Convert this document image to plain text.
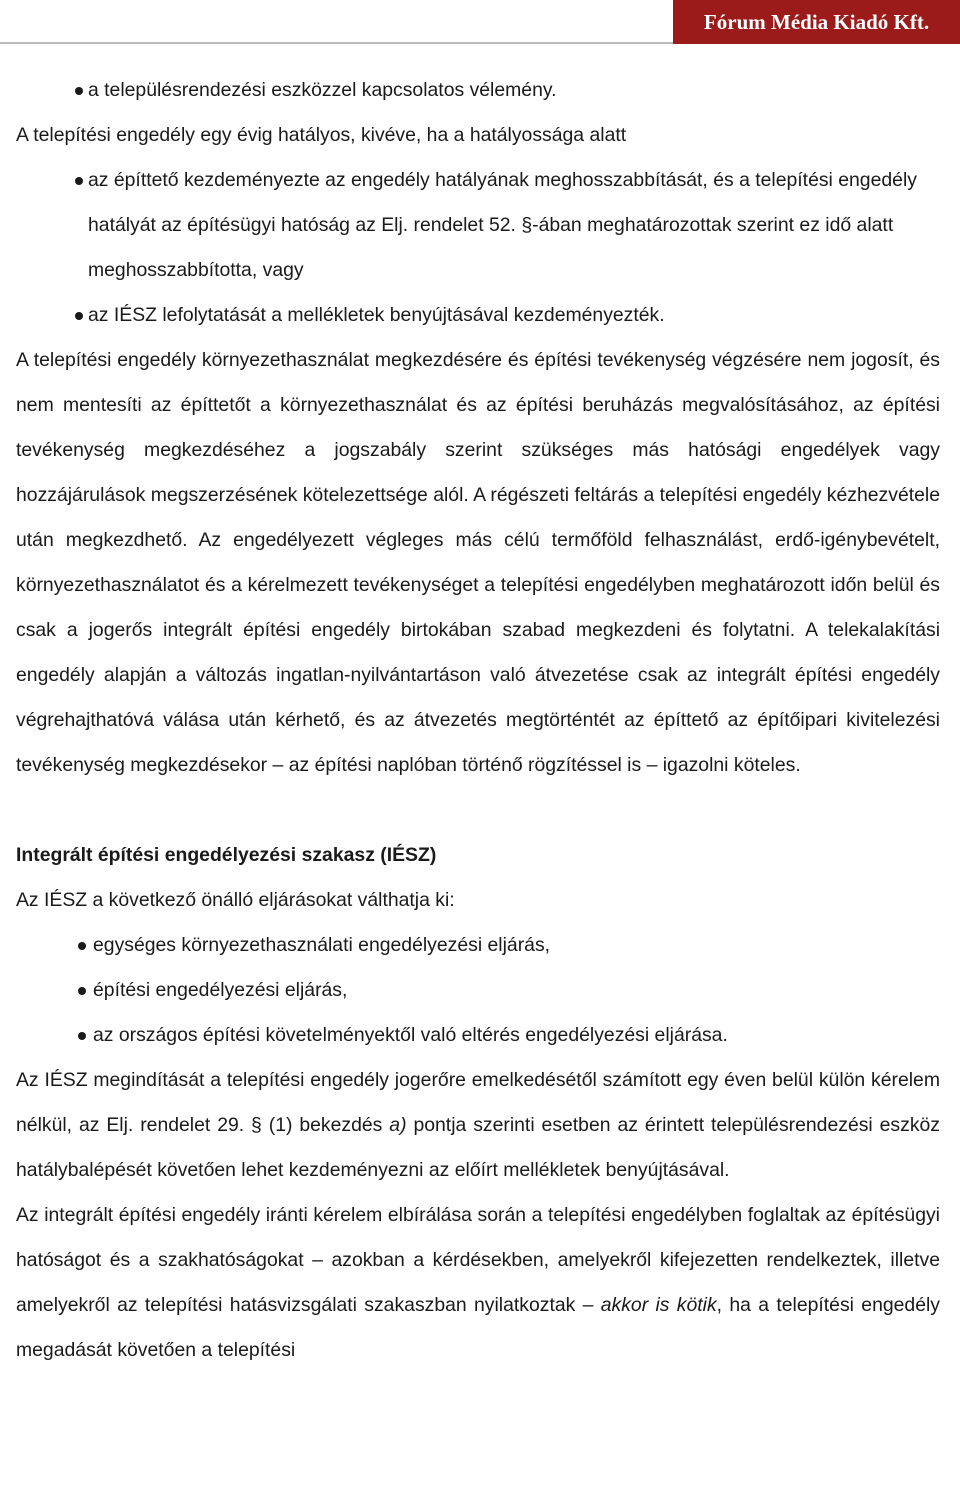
Fórum Média Kiadó Kft.

a településrendezési eszközzel kapcsolatos vélemény.

A telepítési engedély egy évig hatályos, kivéve, ha a hatályossága alatt

az építtető kezdeményezte az engedély hatályának meghosszabbítását, és a telepítési engedély hatályát az építésügyi hatóság az Elj. rendelet 52. §-ában meghatározottak szerint ez idő alatt meghosszabbította, vagy

az IÉSZ lefolytatását a mellékletek benyújtásával kezdeményezték.

A telepítési engedély környezethasználat megkezdésére és építési tevékenység végzésére nem jogosít, és nem mentesíti az építtetőt a környezethasználat és az építési beruházás megvalósításához, az építési tevékenység megkezdéséhez a jogszabály szerint szükséges más hatósági engedélyek vagy hozzájárulások megszerzésének kötelezettsége alól. A régészeti feltárás a telepítési engedély kézhezvétele után megkezdhető. Az engedélyezett végleges más célú termőföld felhasználást, erdő-igénybevételt, környezethasználatot és a kérelmezett tevékenységet a telepítési engedélyben meghatározott időn belül és csak a jogerős integrált építési engedély birtokában szabad megkezdeni és folytatni. A telekalakítási engedély alapján a változás ingatlan-nyilvántartáson való átvezetése csak az integrált építési engedély végrehajthatóvá válása után kérhető, és az átvezetés megtörténtét az építtető az építőipari kivitelezési tevékenység megkezdésekor – az építési naplóban történő rögzítéssel is – igazolni köteles.

Integrált építési engedélyezési szakasz (IÉSZ)

Az IÉSZ a következő önálló eljárásokat válthatja ki:

egységes környezethasználati engedélyezési eljárás,

építési engedélyezési eljárás,

az országos építési követelményektől való eltérés engedélyezési eljárása.

Az IÉSZ megindítását a telepítési engedély jogerőre emelkedésétől számított egy éven belül külön kérelem nélkül, az Elj. rendelet 29. § (1) bekezdés a) pontja szerinti esetben az érintett településrendezési eszköz hatálybalépését követően lehet kezdeményezni az előírt mellékletek benyújtásával.

Az integrált építési engedély iránti kérelem elbírálása során a telepítési engedélyben foglaltak az építésügyi hatóságot és a szakhatóságokat – azokban a kérdésekben, amelyekről kifejezetten rendelkeztek, illetve amelyekről az telepítési hatásvizsgálati szakaszban nyilatkoztak – akkor is kötik, ha a telepítési engedély megadását követően a telepítési
